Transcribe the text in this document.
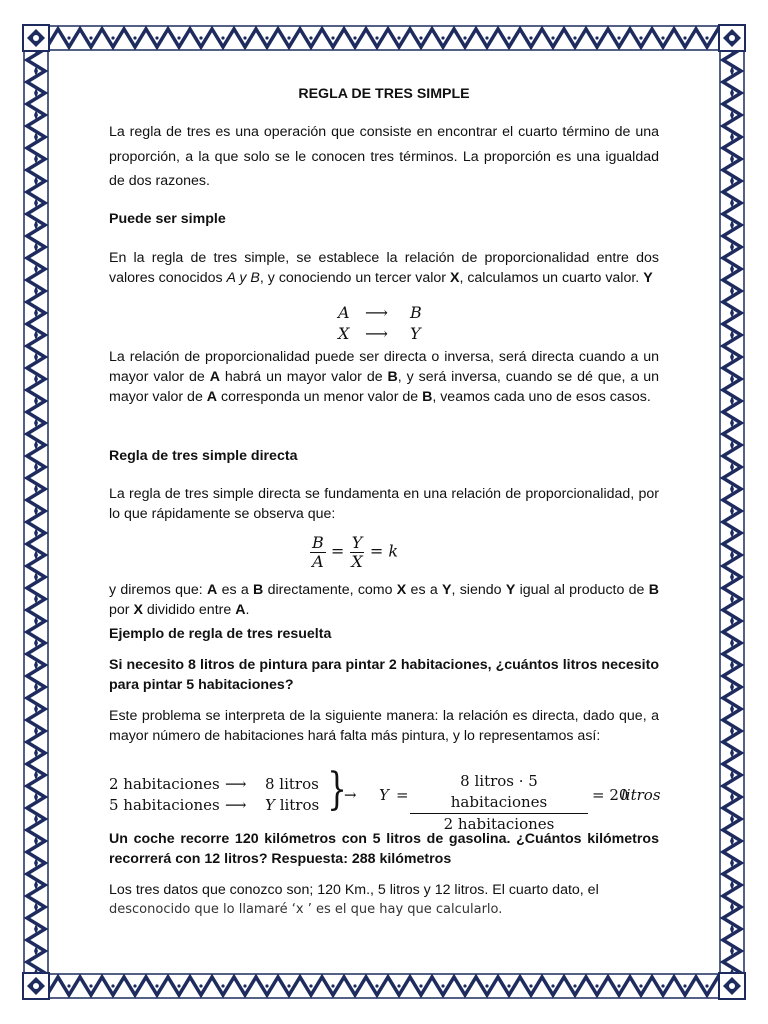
REGLA DE TRES SIMPLE
La regla de tres es una operación que consiste en encontrar el cuarto término de una proporción, a la que solo se le conocen tres términos. La proporción es una igualdad de dos razones.
Puede ser simple
En la regla de tres simple, se establece la relación de proporcionalidad entre dos valores conocidos A y B, y conociendo un tercer valor X, calculamos un cuarto valor. Y
A ⟶ B
X ⟶ Y
La relación de proporcionalidad puede ser directa o inversa, será directa cuando a un mayor valor de A habrá un mayor valor de B, y será inversa, cuando se dé que, a un mayor valor de A corresponda un menor valor de B, veamos cada uno de esos casos.
Regla de tres simple directa
La regla de tres simple directa se fundamenta en una relación de proporcionalidad, por lo que rápidamente se observa que:
$\frac{B}{A} = \frac{Y}{X} = k$
y diremos que: A es a B directamente, como X es a Y, siendo Y igual al producto de B por X dividido entre A.
Ejemplo de regla de tres resuelta
Si necesito 8 litros de pintura para pintar 2 habitaciones, ¿cuántos litros necesito para pintar 5 habitaciones?
Este problema se interpreta de la siguiente manera: la relación es directa, dado que, a mayor número de habitaciones hará falta más pintura, y lo representamos así:
2 habitaciones ⟶ 8 litros
5 habitaciones ⟶ Y litros }
→ Y =
8 litros · 5 habitaciones
2 habitaciones
= 20
litros
Un coche recorre 120 kilómetros con 5 litros de gasolina. ¿Cuántos kilómetros recorrerá con 12 litros? Respuesta: 288 kilómetros
Los tres datos que conozco son; 120 Km., 5 litros y 12 litros. El cuarto dato, el
desconocido que lo llamaré ‘x ’ es el que hay que calcularlo.
